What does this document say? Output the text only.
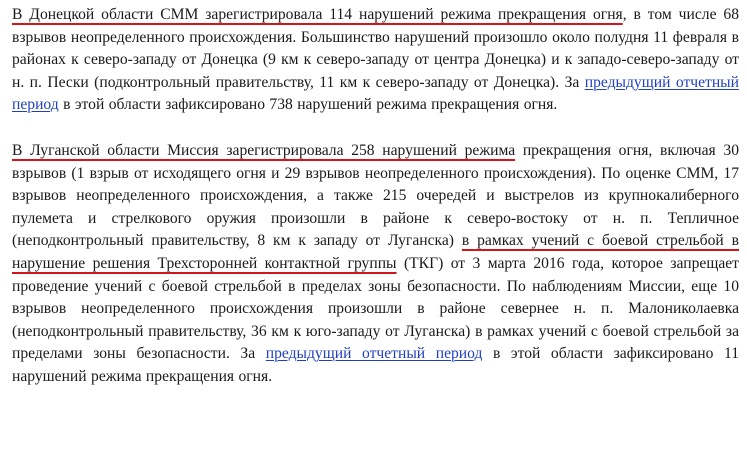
В Донецкой области СММ зарегистрировала 114 нарушений режима прекращения огня, в том числе 68 взрывов неопределенного происхождения. Большинство нарушений произошло около полудня 11 февраля в районах к северо-западу от Донецка (9 км к северо-западу от центра Донецка) и к западо-северо-западу от н. п. Пески (подконтрольный правительству, 11 км к северо-западу от Донецка). За предыдущий отчетный период в этой области зафиксировано 738 нарушений режима прекращения огня.

В Луганской области Миссия зарегистрировала 258 нарушений режима прекращения огня, включая 30 взрывов (1 взрыв от исходящего огня и 29 взрывов неопределенного происхождения). По оценке СММ, 17 взрывов неопределенного происхождения, а также 215 очередей и выстрелов из крупнокалиберного пулемета и стрелкового оружия произошли в районе к северо-востоку от н. п. Тепличное (неподконтрольный правительству, 8 км к западу от Луганска) в рамках учений с боевой стрельбой в нарушение решения Трехсторонней контактной группы (ТКГ) от 3 марта 2016 года, которое запрещает проведение учений с боевой стрельбой в пределах зоны безопасности. По наблюдениям Миссии, еще 10 взрывов неопределенного происхождения произошли в районе севернее н. п. Малониколаевка (неподконтрольный правительству, 36 км к юго-западу от Луганска) в рамках учений с боевой стрельбой за пределами зоны безопасности. За предыдущий отчетный период в этой области зафиксировано 11 нарушений режима прекращения огня.
